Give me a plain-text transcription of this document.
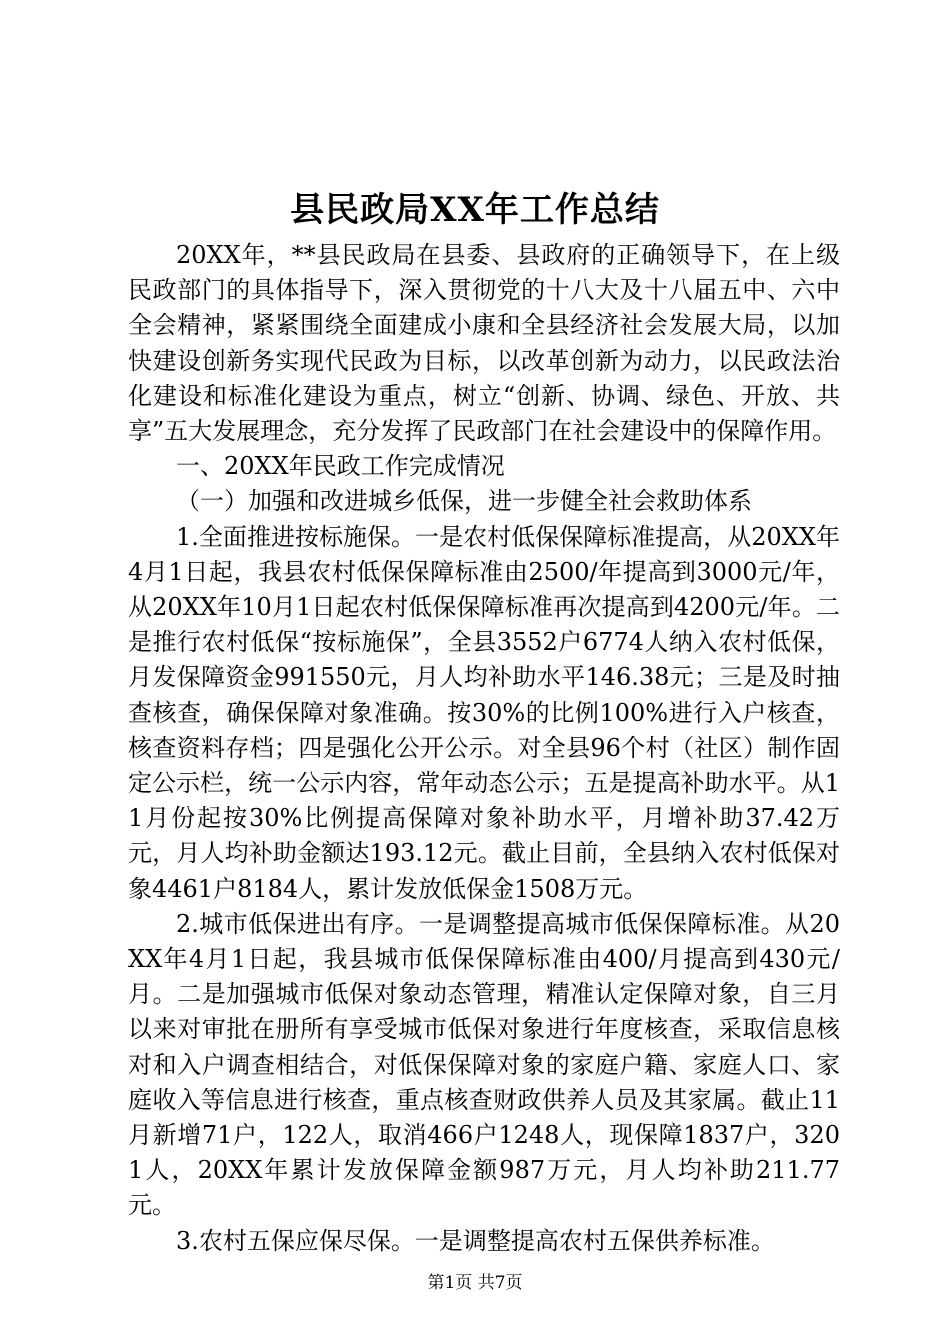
县民政局XX年工作总结

20XX年，**县民政局在县委、县政府的正确领导下，在上级民政部门的具体指导下，深入贯彻党的十八大及十八届五中、六中全会精神，紧紧围绕全面建成小康和全县经济社会发展大局，以加快建设创新务实现代民政为目标，以改革创新为动力，以民政法治化建设和标准化建设为重点，树立“创新、协调、绿色、开放、共享”五大发展理念，充分发挥了民政部门在社会建设中的保障作用。

一、20XX年民政工作完成情况

（一）加强和改进城乡低保，进一步健全社会救助体系

1.全面推进按标施保。一是农村低保保障标准提高，从20XX年4月1日起，我县农村低保保障标准由2500/年提高到3000元/年，从20XX年10月1日起农村低保保障标准再次提高到4200元/年。二是推行农村低保“按标施保”，全县3552户6774人纳入农村低保，月发保障资金991550元，月人均补助水平146.38元；三是及时抽查核查，确保保障对象准确。按30%的比例100%进行入户核查，核查资料存档；四是强化公开公示。对全县96个村（社区）制作固定公示栏，统一公示内容，常年动态公示；五是提高补助水平。从11月份起按30%比例提高保障对象补助水平，月增补助37.42万元，月人均补助金额达193.12元。截止目前，全县纳入农村低保对象4461户8184人，累计发放低保金1508万元。

2.城市低保进出有序。一是调整提高城市低保保障标准。从20XX年4月1日起，我县城市低保保障标准由400/月提高到430元/月。二是加强城市低保对象动态管理，精准认定保障对象，自三月以来对审批在册所有享受城市低保对象进行年度核查，采取信息核对和入户调查相结合，对低保保障对象的家庭户籍、家庭人口、家庭收入等信息进行核查，重点核查财政供养人员及其家属。截止11月新增71户，122人，取消466户1248人，现保障1837户，3201人，20XX年累计发放保障金额987万元，月人均补助211.77元。

3.农村五保应保尽保。一是调整提高农村五保供养标准。

第1页 共7页
